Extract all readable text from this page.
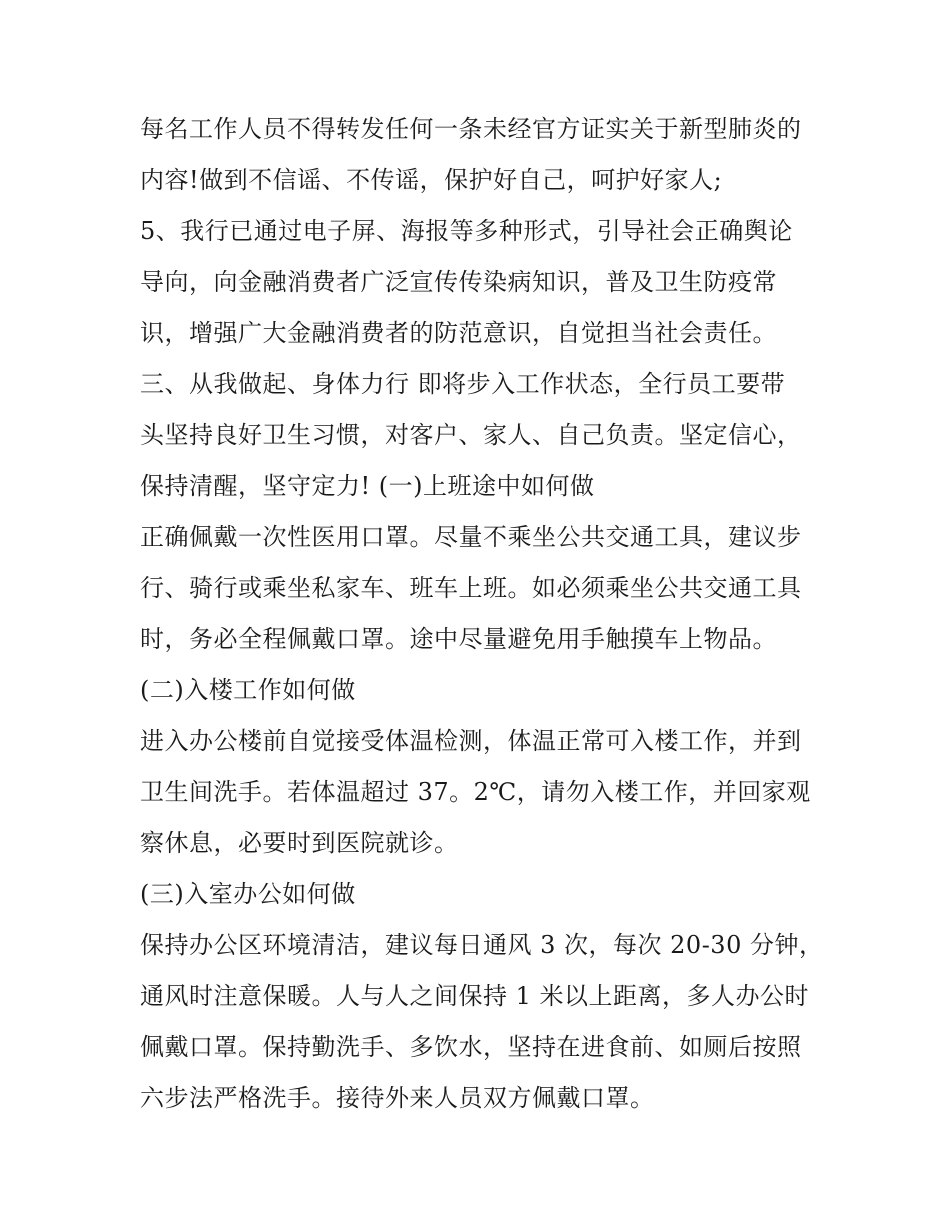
每名工作人员不得转发任何一条未经官方证实关于新型肺炎的
内容!做到不信谣、不传谣，保护好自己，呵护好家人;
5、我行已通过电子屏、海报等多种形式，引导社会正确舆论
导向，向金融消费者广泛宣传传染病知识，普及卫生防疫常
识，增强广大金融消费者的防范意识，自觉担当社会责任。
三、从我做起、身体力行 即将步入工作状态，全行员工要带
头坚持良好卫生习惯，对客户、家人、自己负责。坚定信心，
保持清醒，坚守定力! (一)上班途中如何做
正确佩戴一次性医用口罩。尽量不乘坐公共交通工具，建议步
行、骑行或乘坐私家车、班车上班。如必须乘坐公共交通工具
时，务必全程佩戴口罩。途中尽量避免用手触摸车上物品。
(二)入楼工作如何做
进入办公楼前自觉接受体温检测，体温正常可入楼工作，并到
卫生间洗手。若体温超过 37。2℃，请勿入楼工作，并回家观
察休息，必要时到医院就诊。
(三)入室办公如何做
保持办公区环境清洁，建议每日通风 3 次，每次 20-30 分钟，
通风时注意保暖。人与人之间保持 1 米以上距离，多人办公时
佩戴口罩。保持勤洗手、多饮水，坚持在进食前、如厕后按照
六步法严格洗手。接待外来人员双方佩戴口罩。
